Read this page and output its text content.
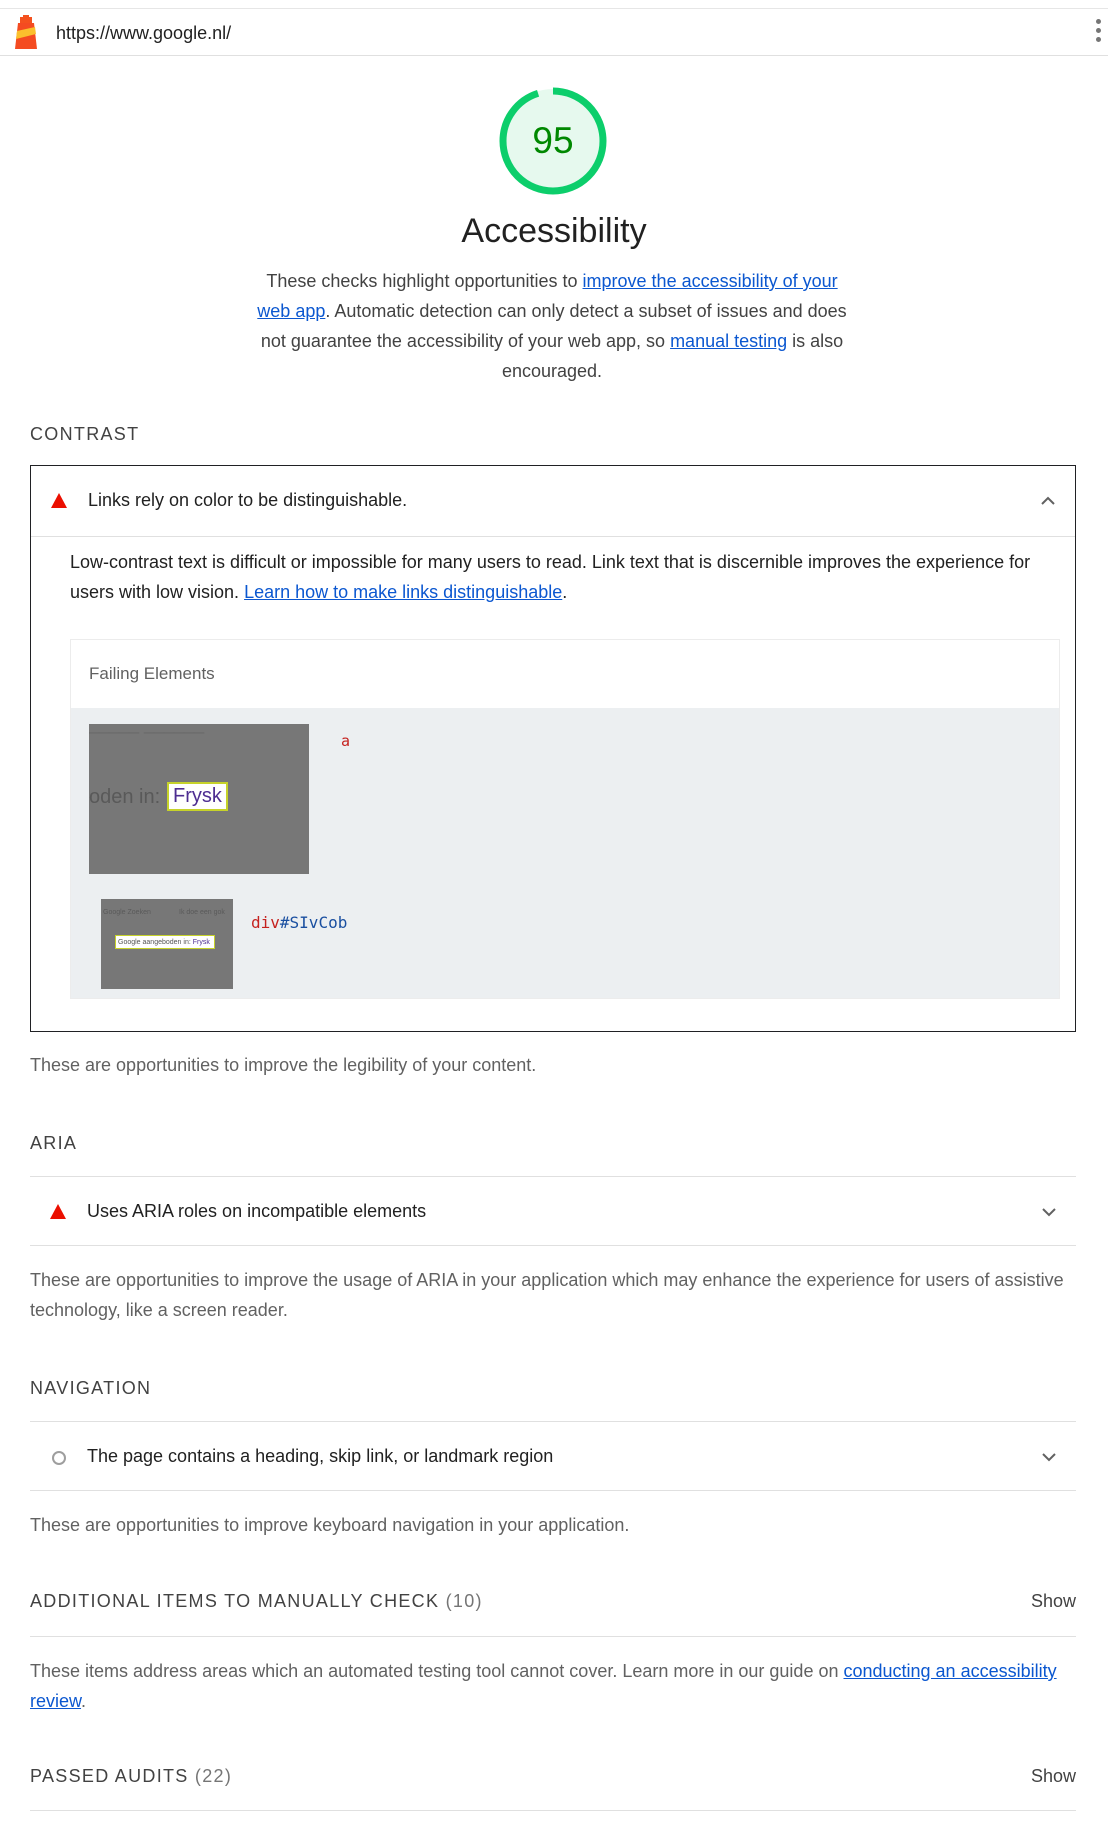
https://www.google.nl/
95
Accessibility
These checks highlight opportunities to improve the accessibility of your web app. Automatic detection can only detect a subset of issues and does not guarantee the accessibility of your web app, so manual testing is also encouraged.
CONTRAST
Links rely on color to be distinguishable.
Low-contrast text is difficult or impossible for many users to read. Link text that is discernible improves the experience for users with low vision. Learn how to make links distinguishable.
Failing Elements
_____ ______
oden in: Frysk
a
Google Zoeken	Ik doe een gok
Google aangeboden in: Frysk
div#SIvCob
These are opportunities to improve the legibility of your content.
ARIA
Uses ARIA roles on incompatible elements
These are opportunities to improve the usage of ARIA in your application which may enhance the experience for users of assistive technology, like a screen reader.
NAVIGATION
The page contains a heading, skip link, or landmark region
These are opportunities to improve keyboard navigation in your application.
ADDITIONAL ITEMS TO MANUALLY CHECK (10)	Show
These items address areas which an automated testing tool cannot cover. Learn more in our guide on conducting an accessibility review.
PASSED AUDITS (22)	Show
